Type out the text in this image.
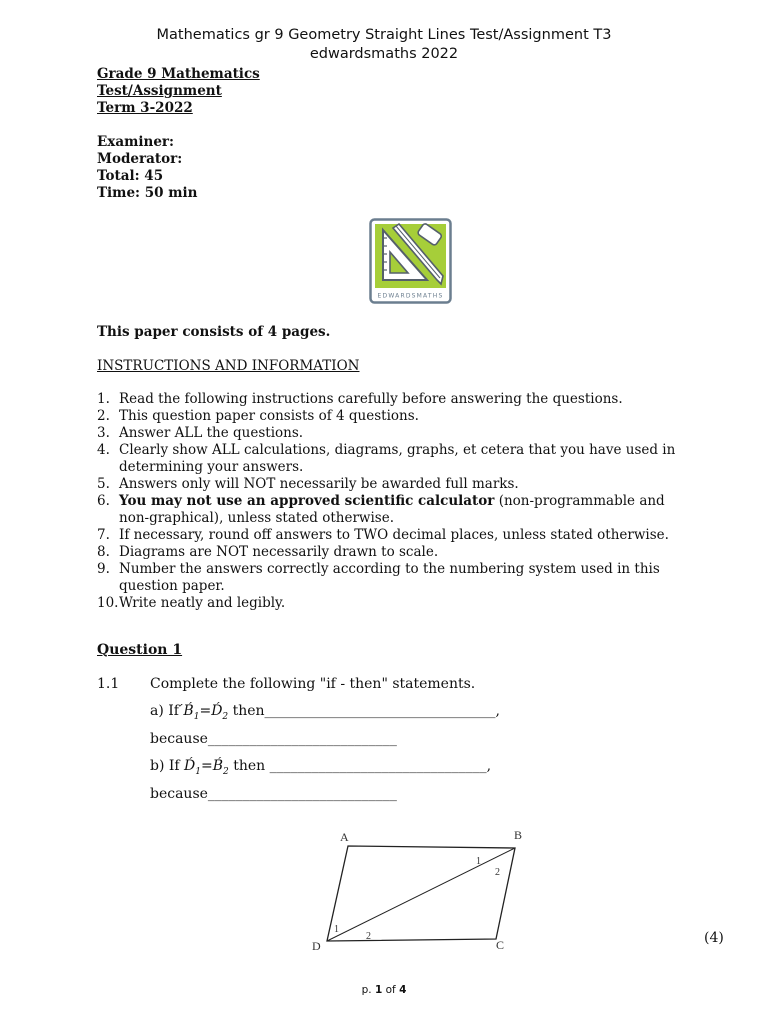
Mathematics gr 9 Geometry Straight Lines Test/Assignment T3
edwardsmaths 2022
Grade 9 Mathematics
Test/Assignment
Term 3-2022
Examiner:
Moderator:
Total: 45
Time: 50 min
EDWARDSMATHS
This paper consists of 4 pages.
INSTRUCTIONS AND INFORMATION
1. Read the following instructions carefully before answering the questions.
2. This question paper consists of 4 questions.
3. Answer ALL the questions.
4. Clearly show ALL calculations, diagrams, graphs, et cetera that you have used in determining your answers.
5. Answers only will NOT necessarily be awarded full marks.
6. You may not use an approved scientific calculator (non-programmable and non-graphical), unless stated otherwise.
7. If necessary, round off answers to TWO decimal places, unless stated otherwise.
8. Diagrams are NOT necessarily drawn to scale.
9. Number the answers correctly according to the numbering system used in this question paper.
10. Write neatly and legibly.
Question 1
1.1 Complete the following "if - then" statements.
a) If $B́_1=D́_2$ then_________________________________,
because___________________________
b) If $D́_1=B́_2$ then _______________________________,
because___________________________
A	B
C
D
1
2
1
2	(4)
p. 1 of 4
